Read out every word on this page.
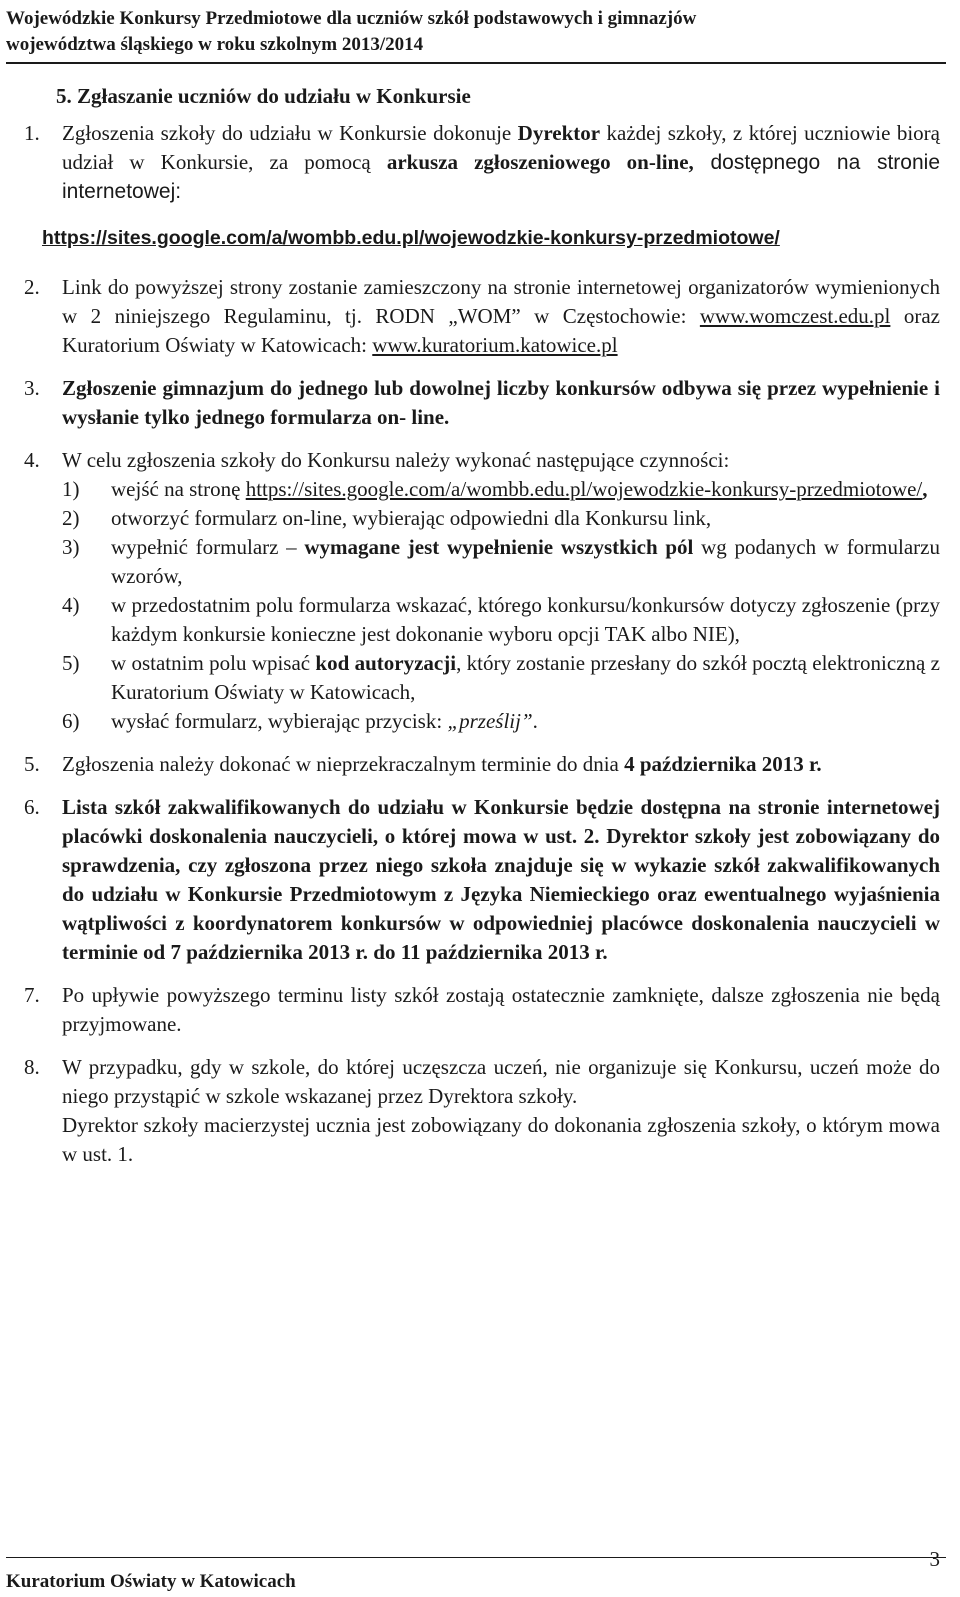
Wojewódzkie Konkursy Przedmiotowe dla uczniów szkół podstawowych i gimnazjów
województwa śląskiego w roku szkolnym 2013/2014
5. Zgłaszanie uczniów do udziału w Konkursie
1. Zgłoszenia szkoły do udziału w Konkursie dokonuje Dyrektor każdej szkoły, z której uczniowie biorą udział w Konkursie, za pomocą arkusza zgłoszeniowego on-line, dostępnego na stronie internetowej:
https://sites.google.com/a/wombb.edu.pl/wojewodzkie-konkursy-przedmiotowe/
2. Link do powyższej strony zostanie zamieszczony na stronie internetowej organizatorów wymienionych w 2 niniejszego Regulaminu, tj. RODN „WOM” w Częstochowie: www.womczest.edu.pl oraz Kuratorium Oświaty w Katowicach: www.kuratorium.katowice.pl
3. Zgłoszenie gimnazjum do jednego lub dowolnej liczby konkursów odbywa się przez wypełnienie i wysłanie tylko jednego formularza on- line.
4. W celu zgłoszenia szkoły do Konkursu należy wykonać następujące czynności:
1) wejść na stronę https://sites.google.com/a/wombb.edu.pl/wojewodzkie-konkursy-przedmiotowe/,
2) otworzyć formularz on-line, wybierając odpowiedni dla Konkursu link,
3) wypełnić formularz – wymagane jest wypełnienie wszystkich pól wg podanych w formularzu wzorów,
4) w przedostatnim polu formularza wskazać, którego konkursu/konkursów dotyczy zgłoszenie (przy każdym konkursie konieczne jest dokonanie wyboru opcji TAK albo NIE),
5) w ostatnim polu wpisać kod autoryzacji, który zostanie przesłany do szkół pocztą elektroniczną z Kuratorium Oświaty w Katowicach,
6) wysłać formularz, wybierając przycisk: „prześlij”.
5. Zgłoszenia należy dokonać w nieprzekraczalnym terminie do dnia 4 października 2013 r.
6. Lista szkół zakwalifikowanych do udziału w Konkursie będzie dostępna na stronie internetowej placówki doskonalenia nauczycieli, o której mowa w ust. 2. Dyrektor szkoły jest zobowiązany do sprawdzenia, czy zgłoszona przez niego szkoła znajduje się w wykazie szkół zakwalifikowanych do udziału w Konkursie Przedmiotowym z Języka Niemieckiego oraz ewentualnego wyjaśnienia wątpliwości z koordynatorem konkursów w odpowiedniej placówce doskonalenia nauczycieli w terminie od 7 października 2013 r. do 11 października 2013 r.
7. Po upływie powyższego terminu listy szkół zostają ostatecznie zamknięte, dalsze zgłoszenia nie będą przyjmowane.
8. W przypadku, gdy w szkole, do której uczęszcza uczeń, nie organizuje się Konkursu, uczeń może do niego przystąpić w szkole wskazanej przez Dyrektora szkoły.
Dyrektor szkoły macierzystej ucznia jest zobowiązany do dokonania zgłoszenia szkoły, o którym mowa w ust. 1.
3
Kuratorium Oświaty w Katowicach
